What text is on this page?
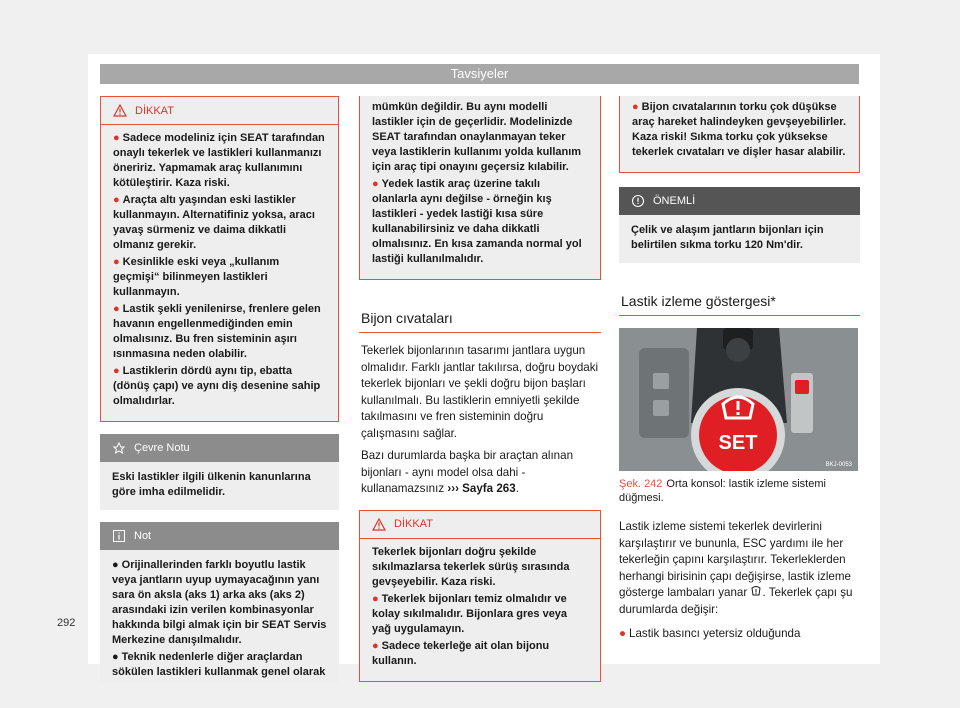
Tavsiyeler
DİKKAT

● Sadece modeliniz için SEAT tarafından onaylı tekerlek ve lastikleri kullanmanızı öneririz. Yapmamak araç kullanımını kötüleştirir. Kaza riski.

● Araçta altı yaşından eski lastikler kullanmayın. Alternatifiniz yoksa, aracı yavaş sürmeniz ve daima dikkatli olmanız gerekir.

● Kesinlikle eski veya „kullanım geçmişi“ bilinmeyen lastikleri kullanmayın.

● Lastik şekli yenilenirse, frenlere gelen havanın engellenmediğinden emin olmalısınız. Bu fren sisteminin aşırı ısınmasına neden olabilir.

● Lastiklerin dördü aynı tip, ebatta (dönüş çapı) ve aynı diş desenine sahip olmalıdırlar.

Çevre Notu
Eski lastikler ilgili ülkenin kanunlarına göre imha edilmelidir.
Not

● Orijinallerinden farklı boyutlu lastik veya jantların uyup uymayacağının yanı sara ön aksla (aks 1) arka aks (aks 2) arasındaki izin verilen kombinasyonlar hakkında bilgi almak için bir SEAT Servis Merkezine danışılmalıdır.

● Teknik nedenlerle diğer araçlardan sökülen lastikleri kullanmak genel olarak

mümkün değildir. Bu aynı modelli lastikler için de geçerlidir. Modelinizde SEAT tarafından onaylanmayan teker veya lastiklerin kullanımı yolda kullanım için araç tipi onayını geçersiz kılabilir.

● Yedek lastik araç üzerine takılı olanlarla aynı değilse - örneğin kış lastikleri - yedek lastiği kısa süre kullanabilirsiniz ve daha dikkatli olmalısınız. En kısa zamanda normal yol lastiği kullanılmalıdır.

Bijon cıvataları
Tekerlek bijonlarının tasarımı jantlara uygun olmalıdır. Farklı jantlar takılırsa, doğru boydaki tekerlek bijonları ve şekli doğru bijon başları kullanılmalı. Bu lastiklerin emniyetli şekilde takılmasını ve fren sisteminin doğru çalışmasını sağlar.
Bazı durumlarda başka bir araçtan alınan bijonları - aynı model olsa dahi - kullanamazsınız ››› Sayfa 263.
DİKKAT

Tekerlek bijonları doğru şekilde sıkılmazlarsa tekerlek sürüş sırasında gevşeyebilir. Kaza riski.

● Tekerlek bijonları temiz olmalıdır ve kolay sıkılmalıdır. Bijonlara gres veya yağ uygulamayın.

● Sadece tekerleğe ait olan bijonu kullanın.

● Bijon cıvatalarının torku çok düşükse araç hareket halindeyken gevşeyebilirler. Kaza riski! Sıkma torku çok yüksekse tekerlek cıvataları ve dişler hasar alabilir.

ÖNEMLİ
Çelik ve alaşım jantların bijonları için belirtilen sıkma torku 120 Nm'dir.
Lastik izleme göstergesi*
SET
BKJ-0053
Şek. 242 Orta konsol: lastik izleme sistemi düğmesi.
Lastik izleme sistemi tekerlek devirlerini karşılaştırır ve bununla, ESC yardımı ile her tekerleğin çapını karşılaştırır. Tekerleklerden herhangi birisinin çapı değişirse, lastik izleme gösterge lambaları yanar . Tekerlek çapı şu durumlarda değişir:
● Lastik basıncı yetersiz olduğunda
292
